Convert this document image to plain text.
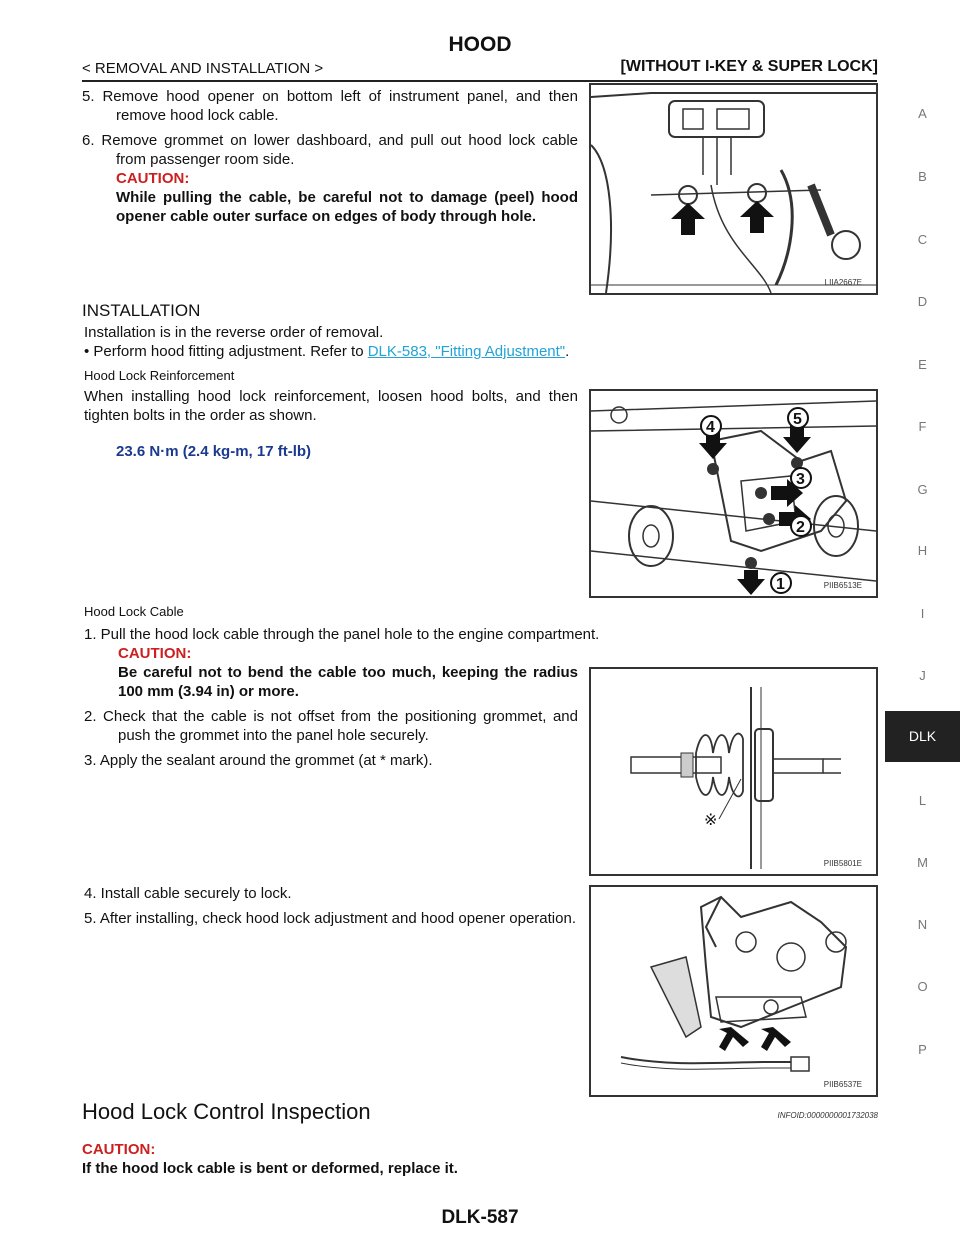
HOOD
< REMOVAL AND INSTALLATION >	[WITHOUT I-KEY & SUPER LOCK]
5. Remove hood opener on bottom left of instrument panel, and then remove hood lock cable.
6. Remove grommet on lower dashboard, and pull out hood lock cable from passenger room side.
CAUTION:
While pulling the cable, be careful not to damage (peel) hood opener cable outer surface on edges of body through hole.
LIIA2667E
INSTALLATION
Installation is in the reverse order of removal.
• Perform hood fitting adjustment. Refer to DLK-583, "Fitting Adjustment".
Hood Lock Reinforcement
When installing hood lock reinforcement, loosen hood bolts, and then tighten bolts in the order as shown.
23.6 N·m (2.4 kg-m, 17 ft-lb)
4	5
3
2
1	PIIB6513E
Hood Lock Cable
1. Pull the hood lock cable through the panel hole to the engine compartment.
CAUTION:
Be careful not to bend the cable too much, keeping the radius 100 mm (3.94 in) or more.
2. Check that the cable is not offset from the positioning grommet, and push the grommet into the panel hole securely.
3. Apply the sealant around the grommet (at * mark).
※
PIIB5801E
4. Install cable securely to lock.
5. After installing, check hood lock adjustment and hood opener operation.
PIIB6537E
Hood Lock Control Inspection	INFOID:0000000001732038
CAUTION:
If the hood lock cable is bent or deformed, replace it.
A
B
C
D
E
F
G
H
I
J
DLK
L
M
N
O
P
DLK-587
